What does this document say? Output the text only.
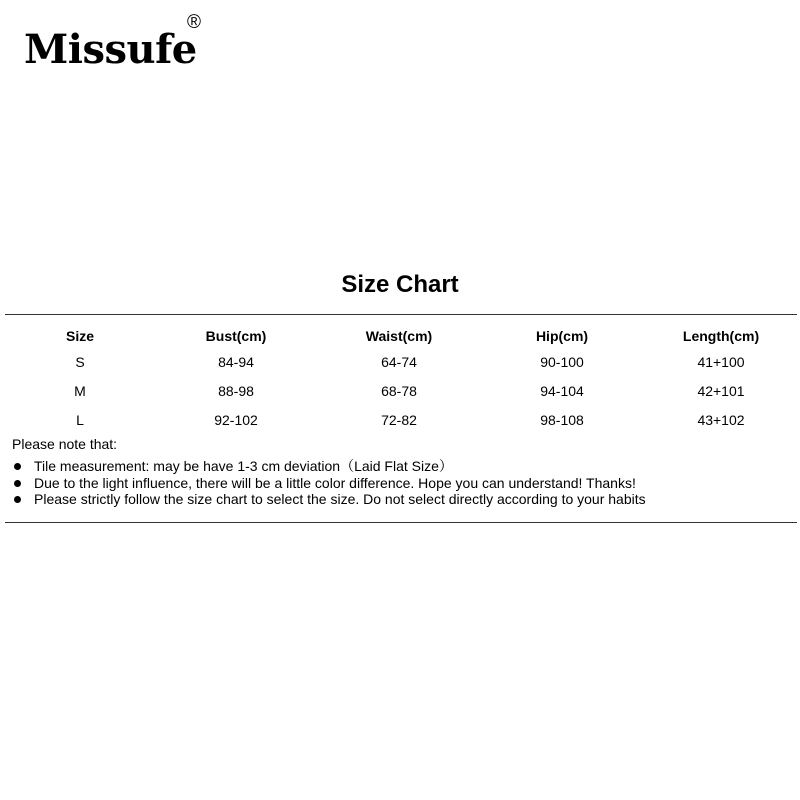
Missufe
®
Size Chart
Size	Bust(cm)	Waist(cm)	Hip(cm)	Length(cm)
S	84-94	64-74	90-100	41+100
M	88-98	68-78	94-104	42+101
L	92-102	72-82	98-108	43+102
Please note that:
Tile measurement: may be have 1-3 cm deviation（Laid Flat Size）
Due to the light influence, there will be a little color difference. Hope you can understand! Thanks!
Please strictly follow the size chart to select the size. Do not select directly according to your habits
